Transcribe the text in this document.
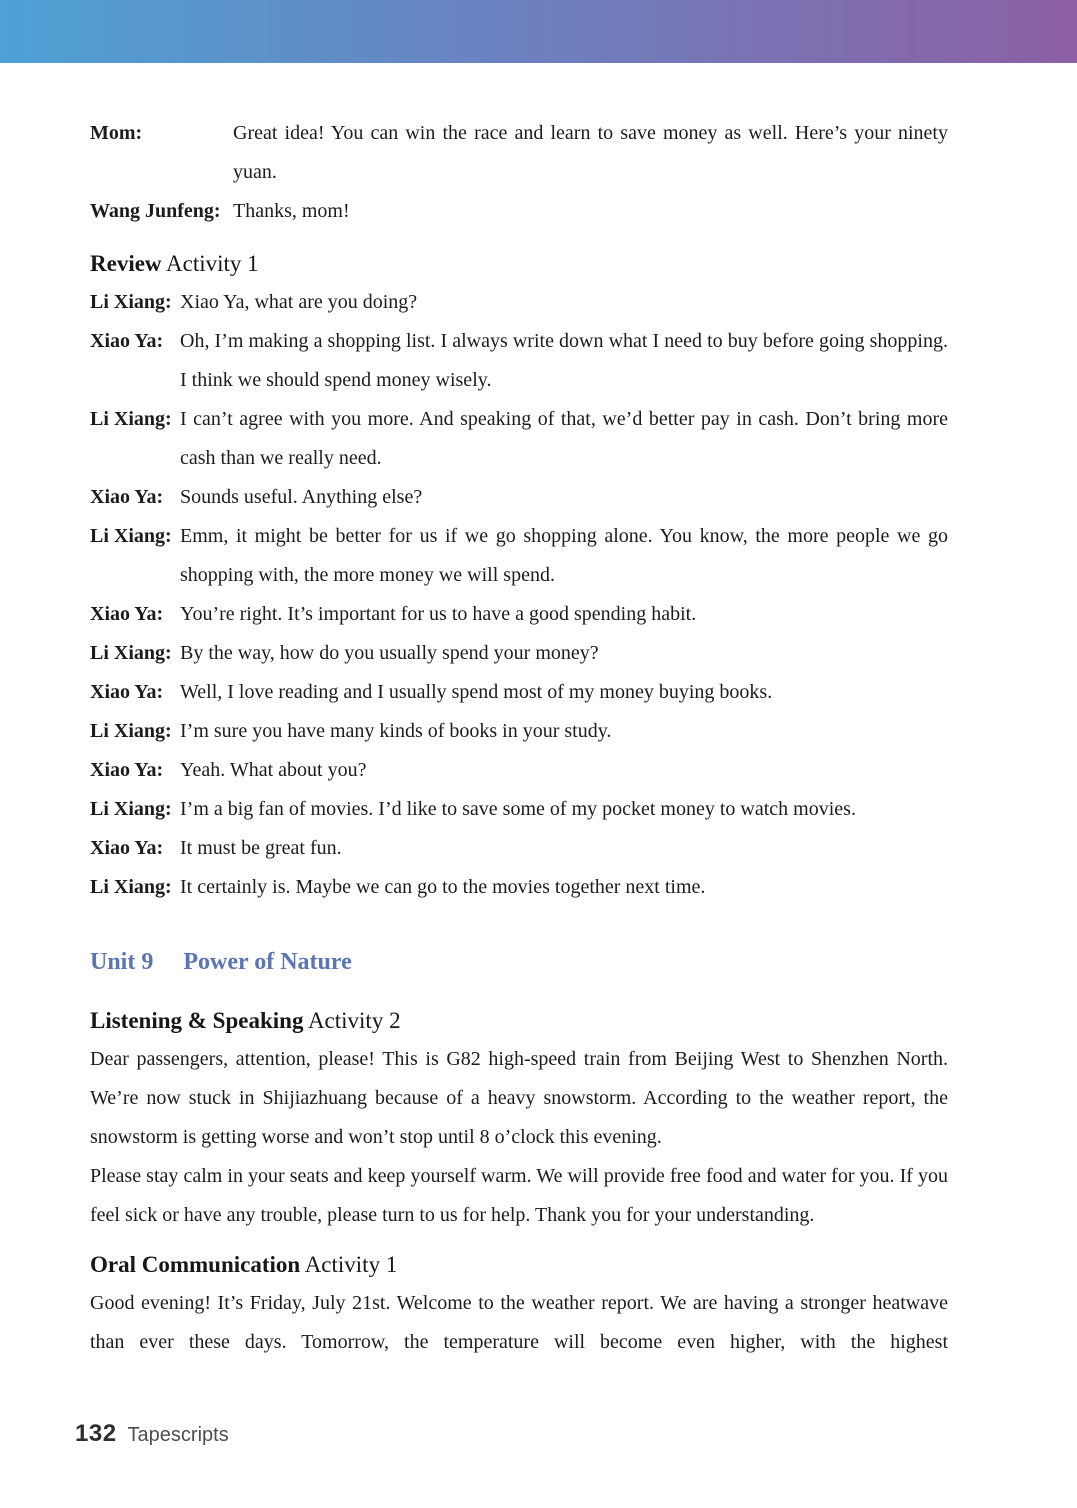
Mom:	Great idea! You can win the race and learn to save money as well. Here’s your ninety yuan.
Wang Junfeng: Thanks, mom!
Review Activity 1
Li Xiang: Xiao Ya, what are you doing?
Xiao Ya: Oh, I’m making a shopping list. I always write down what I need to buy before going shopping. I think we should spend money wisely.
Li Xiang: I can’t agree with you more. And speaking of that, we’d better pay in cash. Don’t bring more cash than we really need.
Xiao Ya: Sounds useful. Anything else?
Li Xiang: Emm, it might be better for us if we go shopping alone. You know, the more people we go shopping with, the more money we will spend.
Xiao Ya: You’re right. It’s important for us to have a good spending habit.
Li Xiang: By the way, how do you usually spend your money?
Xiao Ya: Well, I love reading and I usually spend most of my money buying books.
Li Xiang: I’m sure you have many kinds of books in your study.
Xiao Ya: Yeah. What about you?
Li Xiang: I’m a big fan of movies. I’d like to save some of my pocket money to watch movies.
Xiao Ya: It must be great fun.
Li Xiang: It certainly is. Maybe we can go to the movies together next time.
Unit 9 Power of Nature
Listening & Speaking Activity 2

Dear passengers, attention, please! This is G82 high-speed train from Beijing West to Shenzhen North. We’re now stuck in Shijiazhuang because of a heavy snowstorm. According to the weather report, the snowstorm is getting worse and won’t stop until 8 o’clock this evening.

Please stay calm in your seats and keep yourself warm. We will provide free food and water for you. If you feel sick or have any trouble, please turn to us for help. Thank you for your understanding.

Oral Communication Activity 1

Good evening! It’s Friday, July 21st. Welcome to the weather report. We are having a stronger heatwave than ever these days. Tomorrow, the temperature will become even higher, with the highest

132 Tapescripts
